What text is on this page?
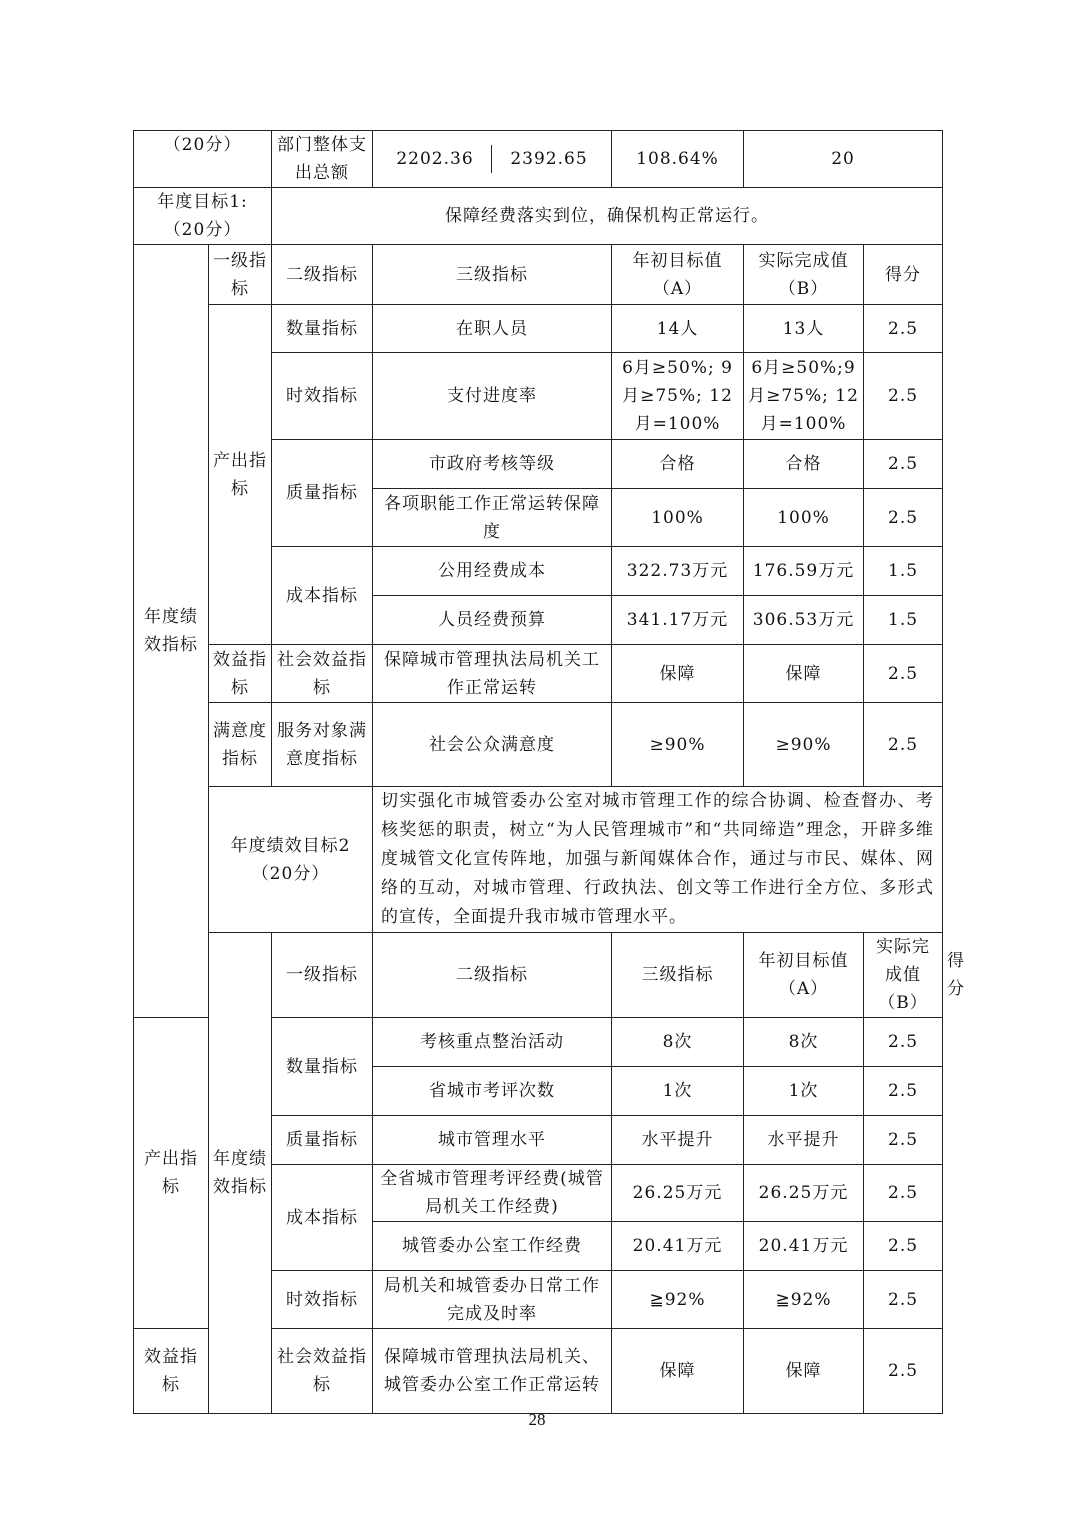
（20分）		部门整体支出总额	2202.36 2392.65	108.64%	20		
年度目标1:（20分）		保障经费落实到位，确保机构正常运行。					
年度绩效指标	一级指标	二级指标	三级指标	年初目标值（A）	实际完成值（B）	得分	
	产出指标	数量指标	在职人员	14人	13人	2.5	
		时效指标	支付进度率	6月≥50%; 9月≥75%; 12月=100%	6月≥50%;9月≥75%; 12月=100%	2.5	
		质量指标	市政府考核等级	合格	合格	2.5	
			各项职能工作正常运转保障度	100%	100%	2.5	
		成本指标	公用经费成本	322.73万元	176.59万元	1.5	
			人员经费预算	341.17万元	306.53万元	1.5	
	效益指标	社会效益指标	保障城市管理执法局机关工作正常运转	保障	保障	2.5	
	满意度指标	服务对象满意度指标	社会公众满意度	≥90%	≥90%	2.5	
	年度绩效目标2（20分）		切实强化市城管委办公室对城市管理工作的综合协调、检查督办、考核奖惩的职责，树立“为人民管理城市”和“共同缔造”理念，开辟多维度城管文化宣传阵地，加强与新闻媒体合作，通过与市民、媒体、网络的互动，对城市管理、行政执法、创文等工作进行全方位、多形式的宣传，全面提升我市城市管理水平。				
	年度绩效指标	一级指标	二级指标	三级指标	年初目标值（A）	实际完成值（B）	得分
产出指标		数量指标	考核重点整治活动	8次	8次	2.5	
			省城市考评次数	1次	1次	2.5	
		质量指标	城市管理水平	水平提升	水平提升	2.5	
		成本指标	全省城市管理考评经费(城管局机关工作经费)	26.25万元	26.25万元	2.5	
			城管委办公室工作经费	20.41万元	20.41万元	2.5	
		时效指标	局机关和城管委办日常工作完成及时率	≧92%	≧92%	2.5	
效益指标		社会效益指标	保障城市管理执法局机关、城管委办公室工作正常运转	保障	保障	2.5	
28
